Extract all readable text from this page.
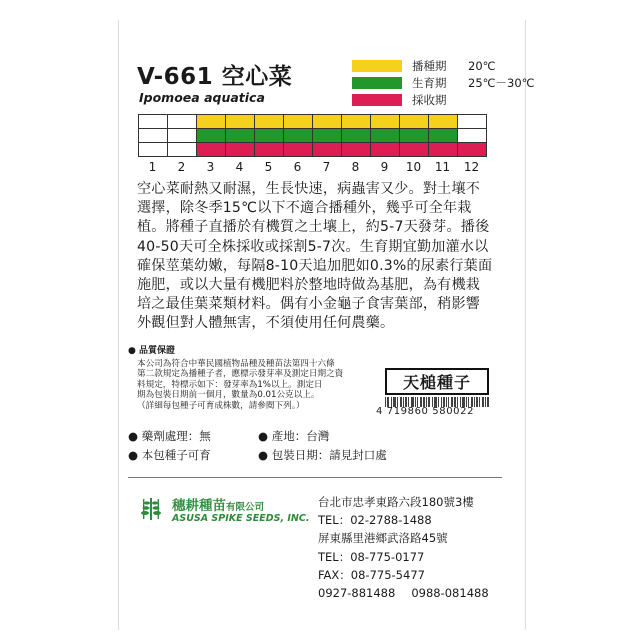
V-661 空心菜
Ipomoea aquatica
播種期	20℃
生育期	25℃－30℃
採收期

1	2	3	4	5	6	7	8	9	10	11	12
空心菜耐熱又耐濕，生長快速，病蟲害又少。對土壤不
選擇，除冬季15℃以下不適合播種外，幾乎可全年栽
植。將種子直播於有機質之土壤上，約5-7天發芽。播後
40-50天可全株採收或採割5-7次。生育期宜勤加灌水以
確保莖葉幼嫩，每隔8-10天追加肥如0.3%的尿素行葉面
施肥，或以大量有機肥料於整地時做為基肥，為有機栽
培之最佳葉菜類材料。偶有小金龜子食害葉部，稍影響
外觀但對人體無害，不須使用任何農藥。
● 品質保證
本公司為符合中華民國植物品種及種苗法第四十六條
第二款規定為播種子者，應標示發芽率及測定日期之資
料規定，特標示如下：發芽率為1%以上。測定日
期為包裝日期前一個月，數量為0.01公克以上。
（詳細每包種子可育成株數，請參閱下列。）
天槌種子
4 719860 580022
● 藥劑處理：無	● 產地：台灣
● 本包種子可育	● 包裝日期：請見封口處
穗耕種苗有限公司
ASUSA SPIKE SEEDS, INC.
台北市忠孝東路六段180號3樓
TEL：02-2788-1488
屏東縣里港鄉武洛路45號
TEL：08-775-0177
FAX：08-775-5477
0927-881488 0988-081488
